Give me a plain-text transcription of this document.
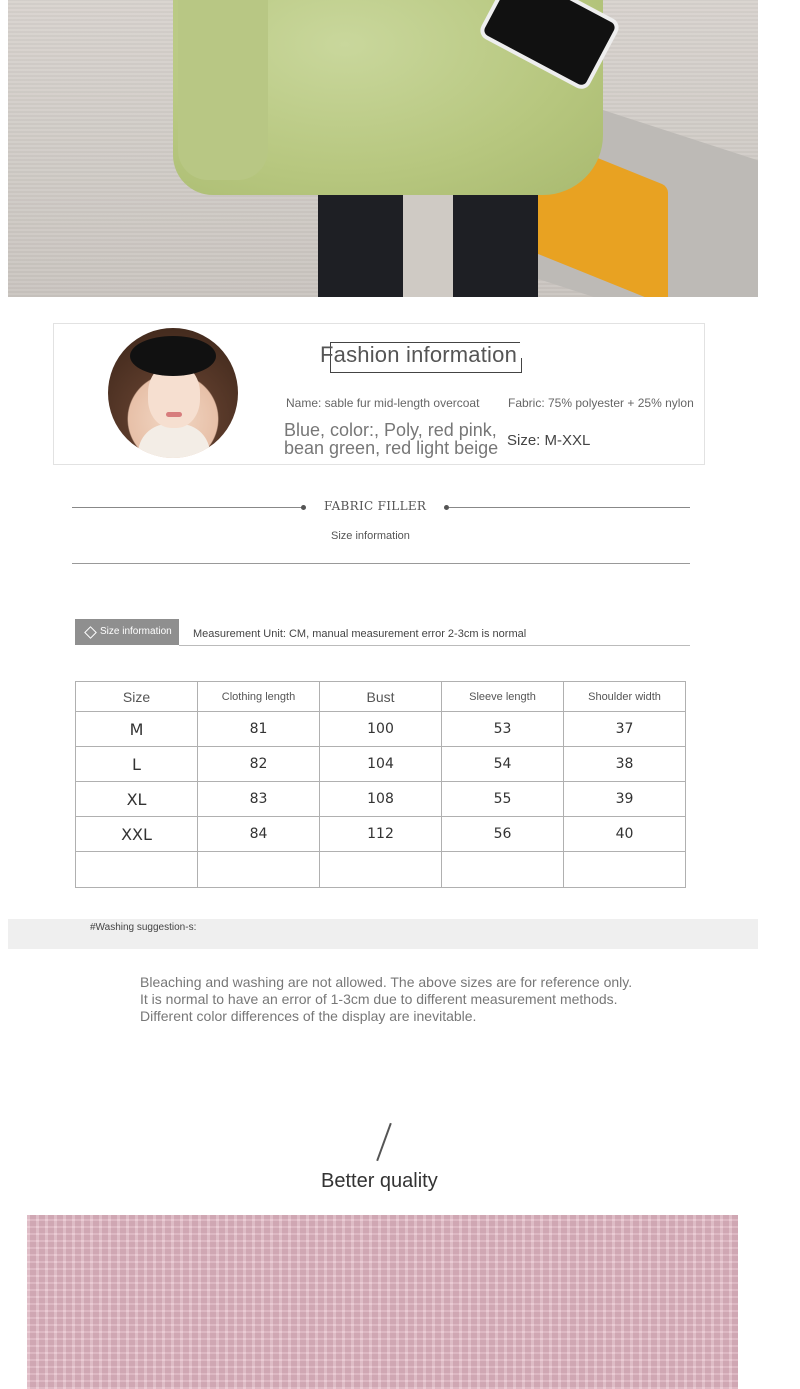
Fashion information
Name: sable fur mid-length overcoat Fabric: 75% polyester + 25% nylon
Blue, color:, Poly, red pink, bean green, red light beige Size: M-XXL
FABRIC FILLER
Size information
Size information Measurement Unit: CM, manual measurement error 2-3cm is normal
Size	Clothing length	Bust	Sleeve length	Shoulder width
M	81	100	53	37
L	82	104	54	38
XL	83	108	55	39
XXL	84	112	56	40

#Washing suggestion-s:
Bleaching and washing are not allowed. The above sizes are for reference only. It is normal to have an error of 1-3cm due to different measurement methods. Different color differences of the display are inevitable.
Better quality
